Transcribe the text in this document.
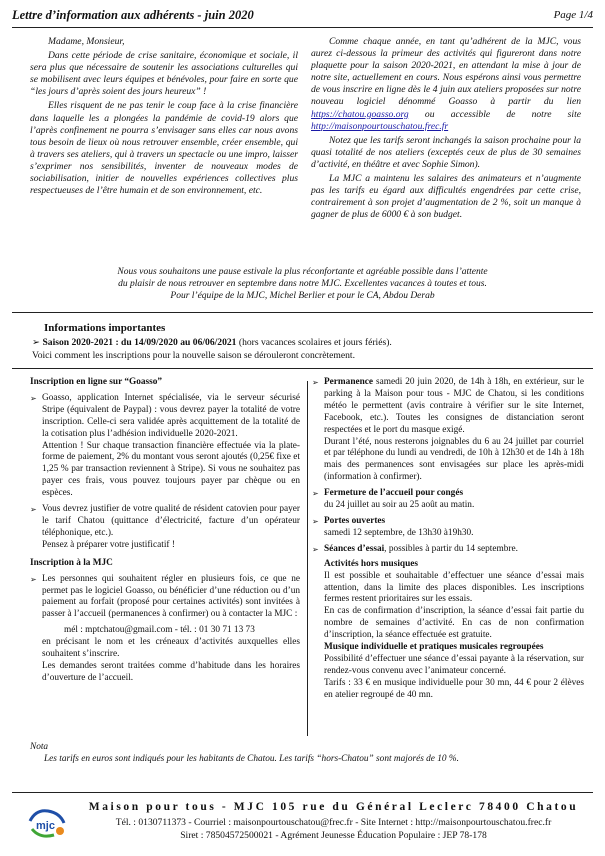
Lettre d’information aux adhérents - juin 2020	Page 1/4

Madame, Monsieur,

Dans cette période de crise sanitaire, économique et sociale, il sera plus que nécessaire de soutenir les associations culturelles qui se mobilisent avec leurs équipes et bénévoles, pour faire en sorte que “les jours d’après soient des jours heureux” !

Elles risquent de ne pas tenir le coup face à la crise financière dans laquelle les a plongées la pandémie de covid-19 alors que l’après confinement ne pourra s’envisager sans elles car nous avons tous besoin de lieux où nous retrouver ensemble, créer ensemble, qui à travers ses ateliers, qui à travers un spectacle ou une impro, laisser s’exprimer nos sensibilités, inventer de nouveaux modes de sociabilisation, initier de nouvelles expériences collectives plus respectueuses de l’être humain et de son environnement, etc.

Comme chaque année, en tant qu’adhérent de la MJC, vous aurez ci-dessous la primeur des activités qui figureront dans notre plaquette pour la saison 2020-2021, en attendant la mise à jour de notre site, actuellement en cours. Nous espérons ainsi vous permettre de vous inscrire en ligne dès le 4 juin aux ateliers proposées sur notre nouveau logiciel dénommé Goasso à partir du lien https://chatou.goasso.org ou accessible de notre site http://maisonpourtouschatou.frec.fr

Notez que les tarifs seront inchangés la saison prochaine pour la quasi totalité de nos ateliers (exceptés ceux de plus de 30 semaines d’activité, en théâtre et avec Sophie Simon).

La MJC a maintenu les salaires des animateurs et n’augmente pas les tarifs eu égard aux difficultés engendrées par cette crise, contrairement à son projet d’augmentation de 2 %, soit un manque à gagner de plus de 6000 € à son budget.

Nous vous souhaitons une pause estivale la plus réconfortante et agréable possible dans l’attente
du plaisir de nous retrouver en septembre dans notre MJC. Excellentes vacances à toutes et tous.
Pour l’équipe de la MJC, Michel Berlier et pour le CA, Abdou Derab
Informations importantes
➢ Saison 2020-2021 : du 14/09/2020 au 06/06/2021 (hors vacances scolaires et jours fériés).
Voici comment les inscriptions pour la nouvelle saison se dérouleront concrètement.
Inscription en ligne sur “Goasso”
➢ Goasso, application Internet spécialisée, via le serveur sécurisé Stripe (équivalent de Paypal) : vous devrez payer la totalité de votre inscription. Celle-ci sera validée après acquittement de la totalité de la cotisation plus l’adhésion individuelle 2020-2021.
Attention ! Sur chaque transaction financière effectuée via la plate-forme de paiement, 2% du montant vous seront ajoutés (0,25€ fixe et 1,25 % par transaction reviennent à Stripe). Si vous ne souhaitez pas payer ces frais, vous pouvez toujours payer par chèque ou en espèces.
➢ Vous devrez justifier de votre qualité de résident catovien pour payer le tarif Chatou (quittance d’électricité, facture d’un opérateur téléphonique, etc.).
Pensez à préparer votre justificatif !
Inscription à la MJC
➢ Les personnes qui souhaitent régler en plusieurs fois, ce que ne permet pas le logiciel Goasso, ou bénéficier d’une réduction ou d’un paiement au forfait (proposé pour certaines activités) sont invitées à passer à l’accueil (permanences à confirmer) ou à contacter la MJC :
mél : mptchatou@gmail.com - tél. : 01 30 71 13 73
en précisant le nom et les créneaux d’activités auxquelles elles souhaitent s’inscrire.
Les demandes seront traitées comme d’habitude dans les horaires d’ouverture de l’accueil.
➢ Permanence samedi 20 juin 2020, de 14h à 18h, en extérieur, sur le parking à la Maison pour tous - MJC de Chatou, si les conditions météo le permettent (avis contraire à vérifier sur le site Internet, Facebook, etc.). Toutes les consignes de distanciation seront respectées et le port du masque exigé.
Durant l’été, nous resterons joignables du 6 au 24 juillet par courriel et par téléphone du lundi au vendredi, de 10h à 12h30 et de 14h à 18h mais des permanences sont envisagées sur place les après-midi (information à confirmer).
➢ Fermeture de l’accueil pour congés
du 24 juillet au soir au 25 août au matin.
➢ Portes ouvertes
samedi 12 septembre, de 13h30 à19h30.
➢ Séances d’essai, possibles à partir du 14 septembre.
Activités hors musiques
Il est possible et souhaitable d’effectuer une séance d’essai mais attention, dans la limite des places disponibles. Les inscriptions fermes restent prioritaires sur les essais.
En cas de confirmation d’inscription, la séance d’essai fait partie du nombre de semaines d’activité. En cas de non confirmation d’inscription, la séance effectuée est gratuite.
Musique individuelle et pratiques musicales regroupées
Possibilité d’effectuer une séance d’essai payante à la réservation, sur rendez-vous convenu avec l’animateur concerné.
Tarifs : 33 € en musique individuelle pour 30 mn, 44 € pour 2 élèves en atelier regroupé de 40 mn.
Nota
Les tarifs en euros sont indiqués pour les habitants de Chatou. Les tarifs “hors-Chatou” sont majorés de 10 %.
mjc
Maison pour tous - MJC 105 rue du Général Leclerc 78400 Chatou
Tél. : 0130711373 - Courriel : maisonpourtouschatou@frec.fr - Site Internet : http://maisonpourtouschatou.frec.fr
Siret : 78504572500021 - Agrément Jeunesse Éducation Populaire : JEP 78-178
